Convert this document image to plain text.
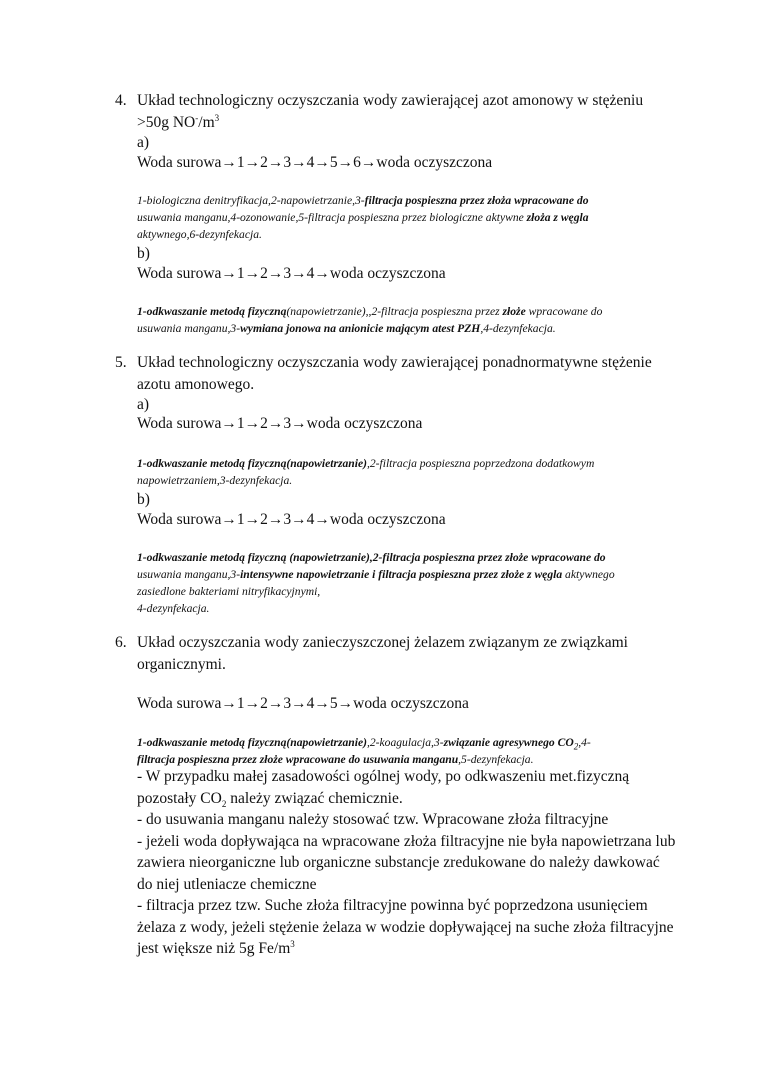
4. Układ technologiczny oczyszczania wody zawierającej azot amonowy w stężeniu
>50g $NO^-/m^3$
a)
Woda surowa→1→2→3→4→5→6→woda oczyszczona
1-biologiczna denitryfikacja,2-napowietrzanie,3-filtracja pospieszna przez złoża wpracowane do
usuwania manganu,4-ozonowanie,5-filtracja pospieszna przez biologiczne aktywne złoża z węgla
aktywnego,6-dezynfekacja.
b)
Woda surowa→1→2→3→4→woda oczyszczona
1-odkwaszanie metodą fizyczną(napowietrzanie),,2-filtracja pospieszna przez złoże wpracowane do
usuwania manganu,3-wymiana jonowa na anionicie mającym atest PZH,4-dezynfekacja.
5. Układ technologiczny oczyszczania wody zawierającej ponadnormatywne stężenie
azotu amonowego.
a)
Woda surowa→1→2→3→woda oczyszczona
1-odkwaszanie metodą fizyczną(napowietrzanie),2-filtracja pospieszna poprzedzona dodatkowym
napowietrzaniem,3-dezynfekacja.
b)
Woda surowa→1→2→3→4→woda oczyszczona
1-odkwaszanie metodą fizyczną (napowietrzanie),2-filtracja pospieszna przez złoże wpracowane do
usuwania manganu,3-intensywne napowietrzanie i filtracja pospieszna przez złoże z węgla aktywnego
zasiedlone bakteriami nitryfikacyjnymi,
4-dezynfekacja.
6. Układ oczyszczania wody zanieczyszczonej żelazem związanym ze związkami
organicznymi.
Woda surowa→1→2→3→4→5→woda oczyszczona
1-odkwaszanie metodą fizyczną(napowietrzanie),2-koagulacja,3-związanie agresywnego $CO_2,4-$
filtracja pospieszna przez złoże wpracowane do usuwania manganu,5-dezynfekacja.
- W przypadku małej zasadowości ogólnej wody, po odkwaszeniu met.fizyczną
pozostały $CO_2$ należy związać chemicznie.
- do usuwania manganu należy stosować tzw. Wpracowane złoża filtracyjne
- jeżeli woda dopływająca na wpracowane złoża filtracyjne nie była napowietrzana lub
zawiera nieorganiczne lub organiczne substancje zredukowane do należy dawkować
do niej utleniacze chemiczne
- filtracja przez tzw. Suche złoża filtracyjne powinna być poprzedzona usunięciem
żelaza z wody, jeżeli stężenie żelaza w wodzie dopływającej na suche złoża filtracyjne
jest większe niż 5g $Fe/m^3$
